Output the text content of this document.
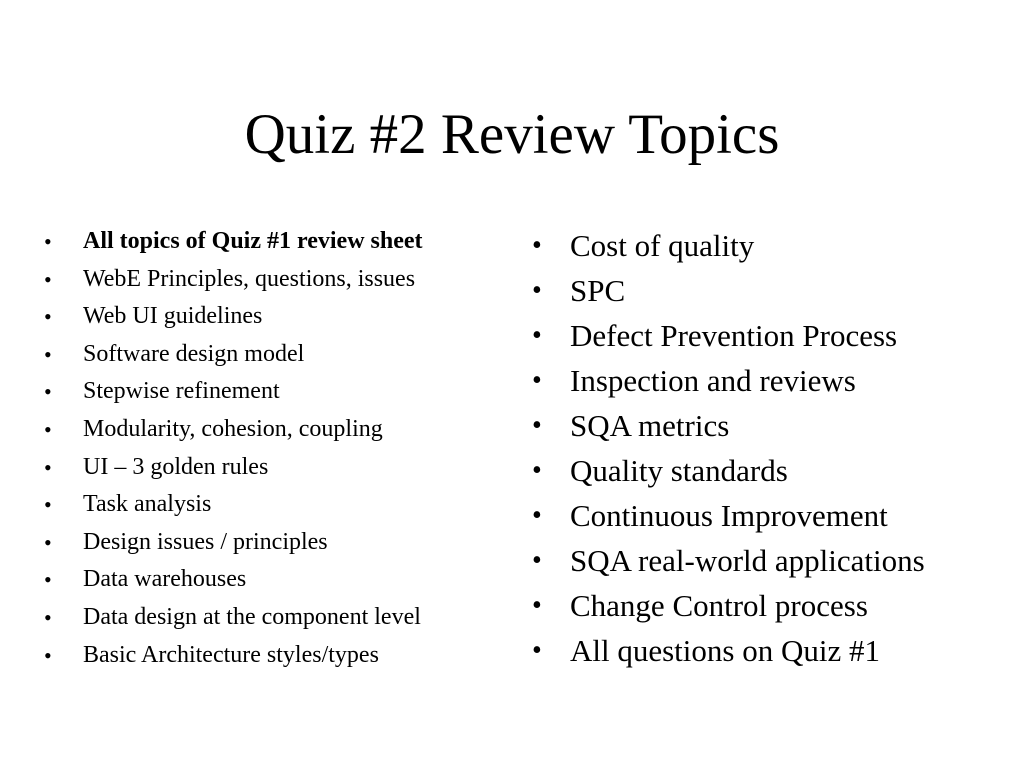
Quiz #2 Review Topics
• All topics of Quiz #1 review sheet
• WebE Principles, questions, issues
• Web UI guidelines
• Software design model
• Stepwise refinement
• Modularity, cohesion, coupling
• UI – 3 golden rules
• Task analysis
• Design issues / principles
• Data warehouses
• Data design at the component level
• Basic Architecture styles/types
• Cost of quality
• SPC
• Defect Prevention Process
• Inspection and reviews
• SQA metrics
• Quality standards
• Continuous Improvement
• SQA real-world applications
• Change Control process
• All questions on Quiz #1
